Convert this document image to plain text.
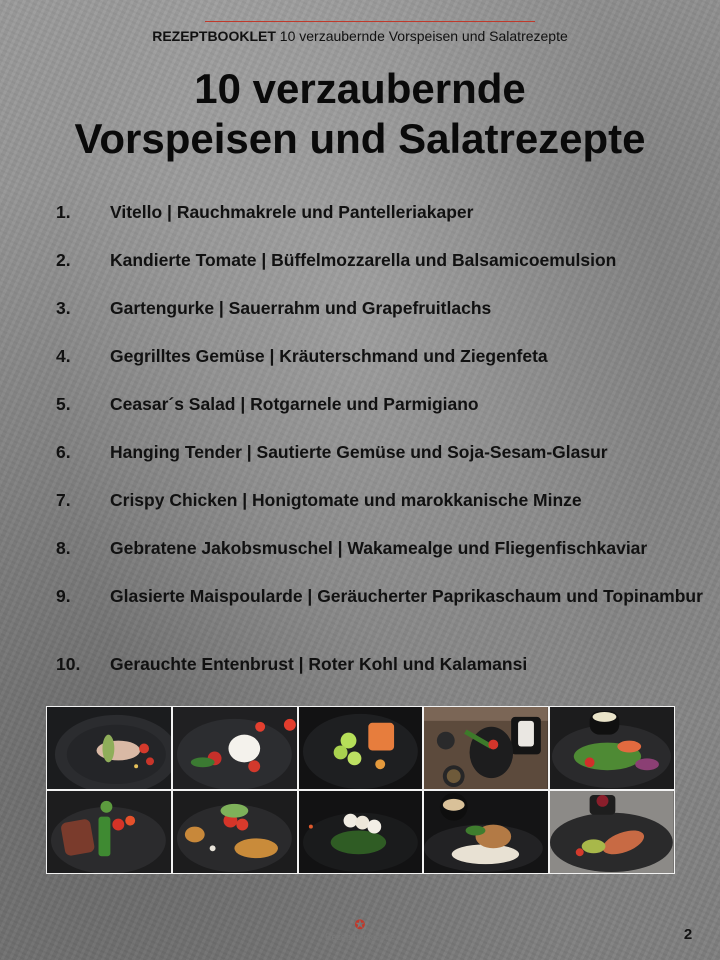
REZEPTBOOKLET 10 verzaubernde Vorspeisen und Salatrezepte
10 verzaubernde
Vorspeisen und Salatrezepte
1.	Vitello | Rauchmakrele und Pantelleriakaper
2.	Kandierte Tomate | Büffelmozzarella und Balsamicoemulsion
3.	Gartengurke | Sauerrahm und Grapefruitlachs
4.	Gegrilltes Gemüse | Kräuterschmand und Ziegenfeta
5.	Ceasar´s Salad | Rotgarnele und Parmigiano
6.	Hanging Tender | Sautierte Gemüse und Soja-Sesam-Glasur
7.	Crispy Chicken | Honigtomate und marokkanische Minze
8.	Gebratene Jakobsmuschel | Wakamealge und Fliegenfischkaviar
9.	Glasierte Maispoularde | Geräucherter Paprikaschaum und Topinambur
10.	Gerauchte Entenbrust | Roter Kohl und Kalamansi
✪
Rezeptbooklet.de	2
